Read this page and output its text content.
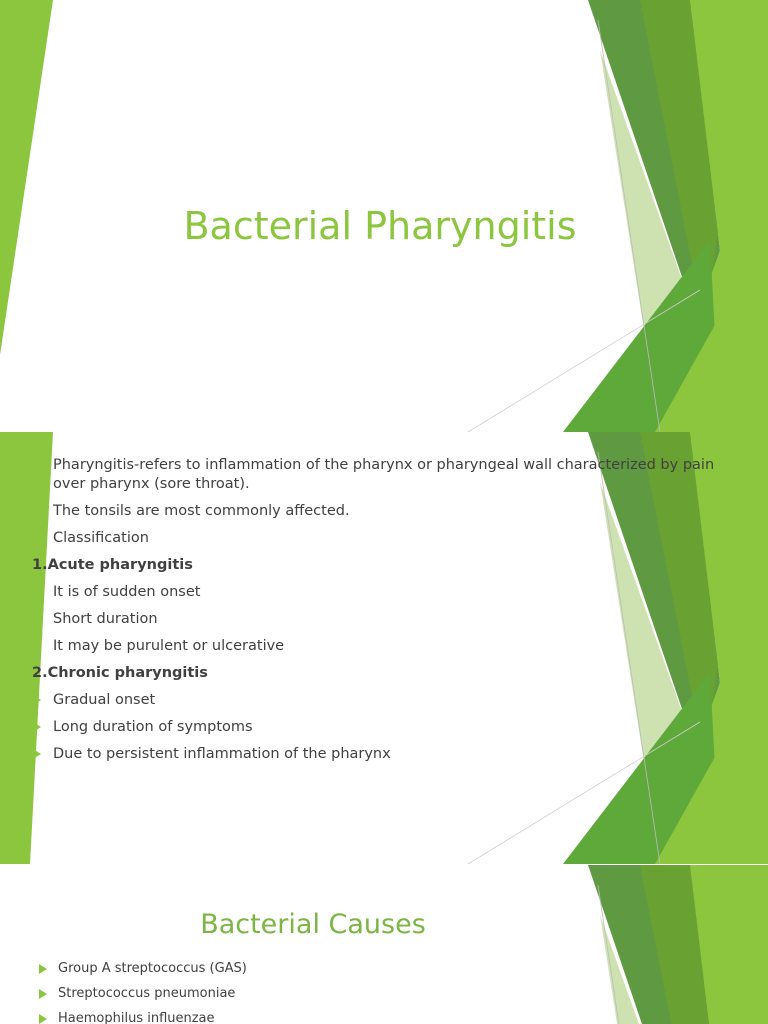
Bacterial Pharyngitis
Pharyngitis-refers to inflammation of the pharynx or pharyngeal wall characterized by pain over pharynx (sore throat).
The tonsils are most commonly affected.
Classification
1.Acute pharyngitis
It is of sudden onset
Short duration
It may be purulent or ulcerative
2.Chronic pharyngitis
Gradual onset
Long duration of symptoms
Due to persistent inflammation of the pharynx
Bacterial Causes
Group A streptococcus (GAS)
Streptococcus pneumoniae
Haemophilus influenzae
